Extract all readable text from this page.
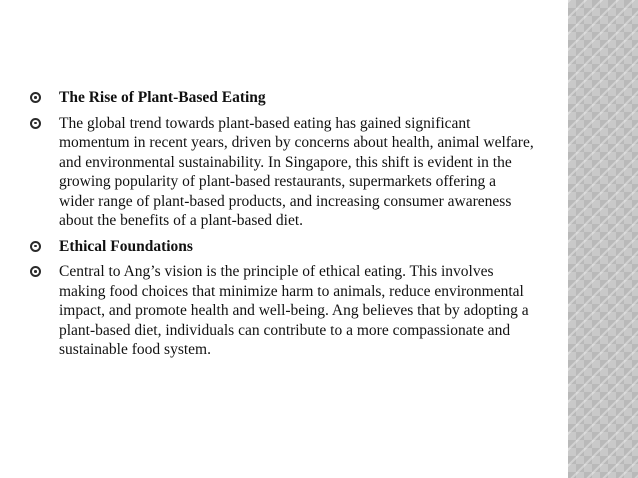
The Rise of Plant-Based Eating
The global trend towards plant-based eating has gained significant momentum in recent years, driven by concerns about health, animal welfare, and environmental sustainability. In Singapore, this shift is evident in the growing popularity of plant-based restaurants, supermarkets offering a wider range of plant-based products, and increasing consumer awareness about the benefits of a plant-based diet.
Ethical Foundations
Central to Ang’s vision is the principle of ethical eating. This involves making food choices that minimize harm to animals, reduce environmental impact, and promote health and well-being. Ang believes that by adopting a plant-based diet, individuals can contribute to a more compassionate and sustainable food system.
